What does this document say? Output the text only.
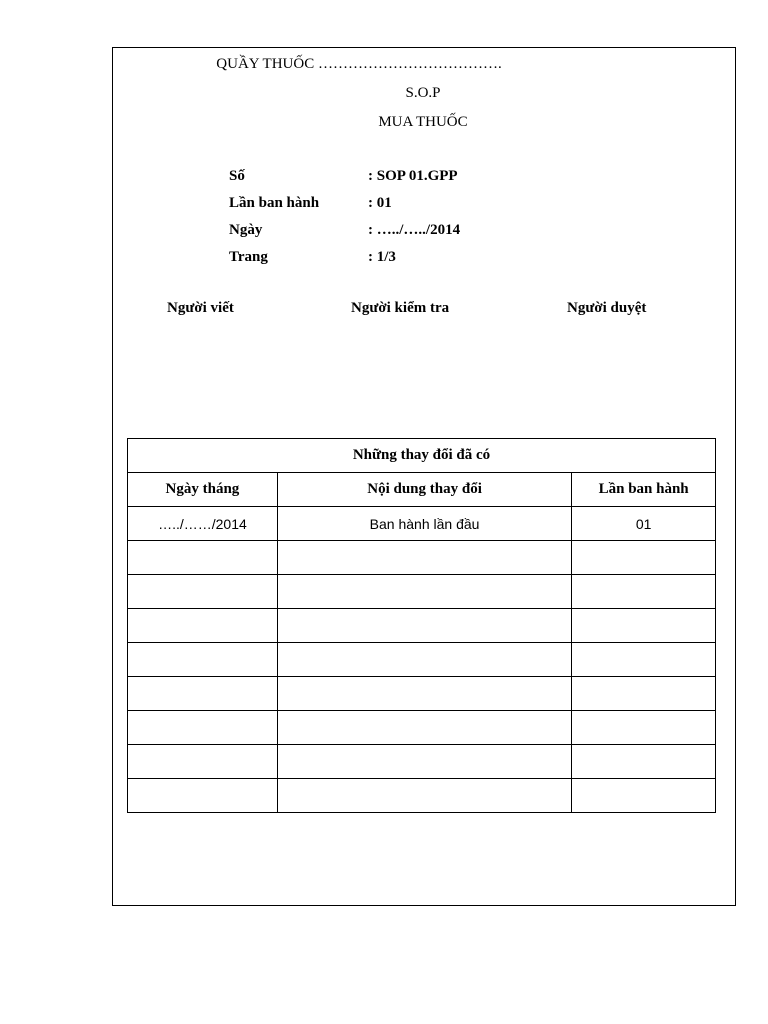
QUẦY THUỐC ……………………………….
S.O.P
MUA THUỐC
Số	: SOP 01.GPP
Lần ban hành	: 01
Ngày	: …../…../2014
Trang	: 1/3
Người viết	Người kiểm tra	Người duyệt
Những thay đổi đã có		
Ngày tháng	Nội dung thay đổi	Lần ban hành
…../……/2014	Ban hành lần đầu	01
